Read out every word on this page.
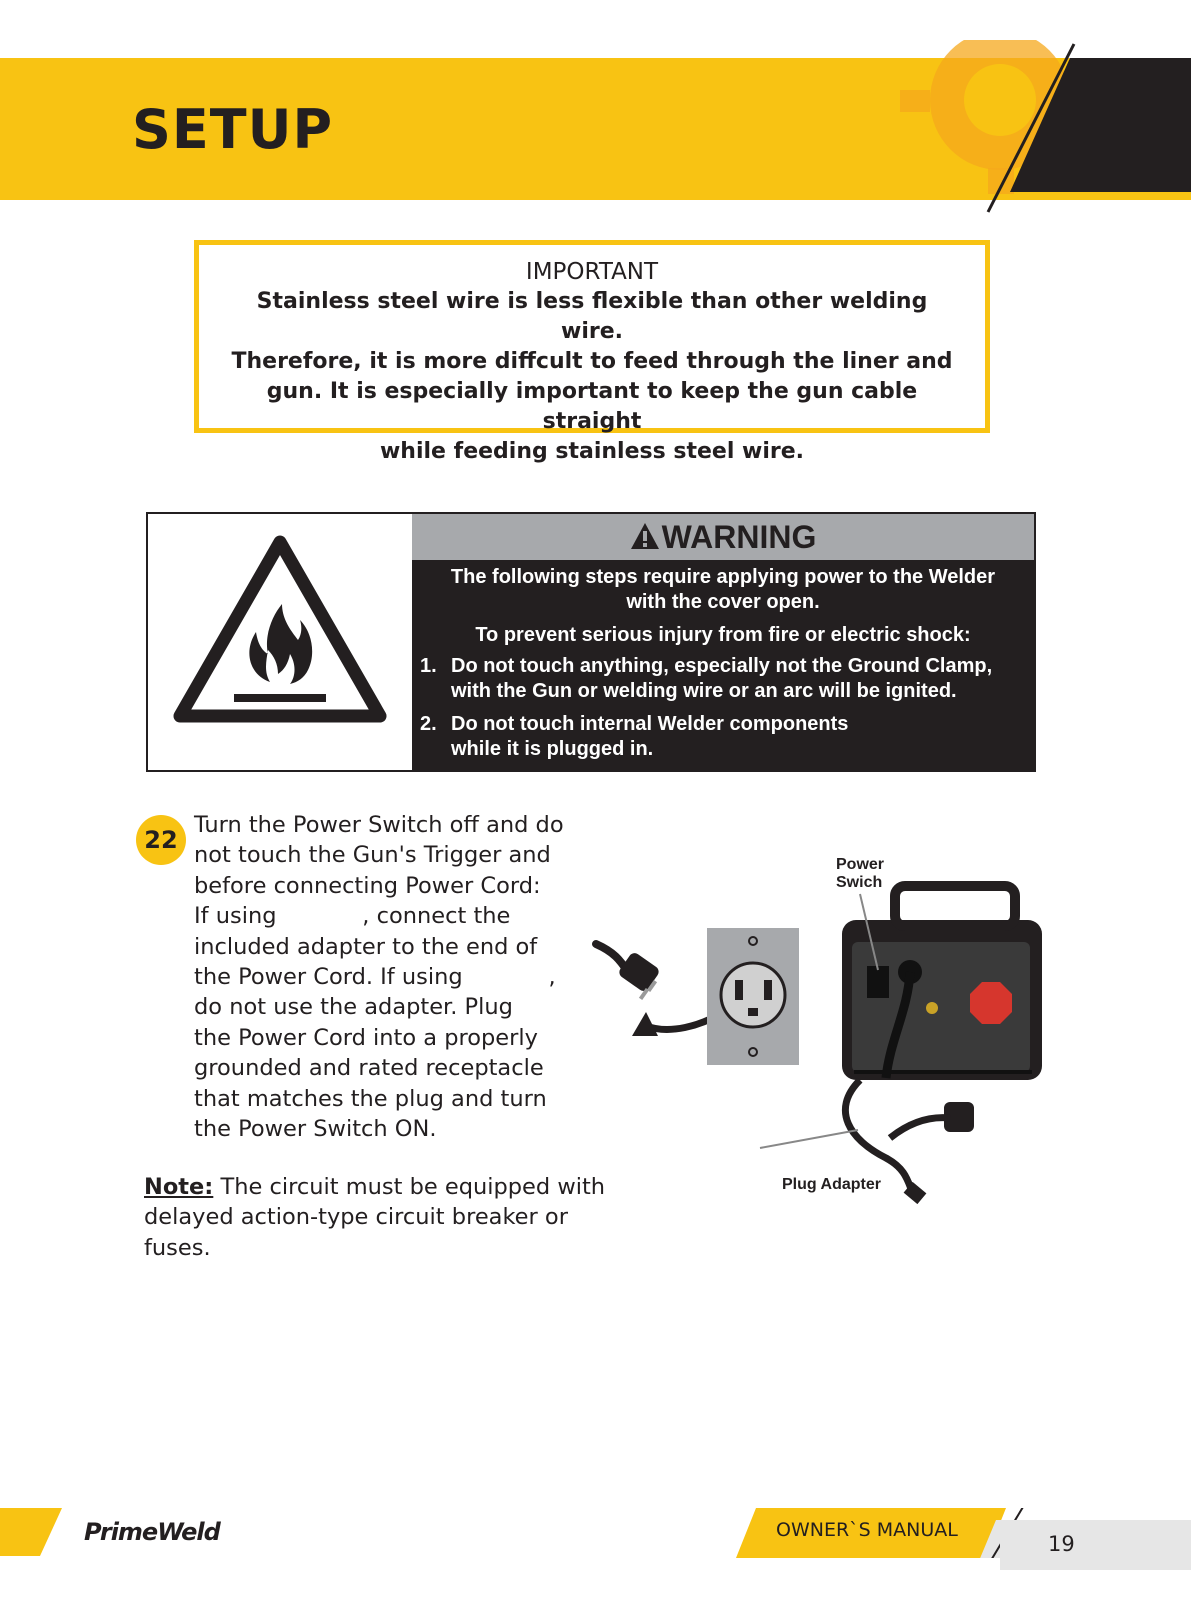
SETUP
IMPORTANT
Stainless steel wire is less flexible than other welding wire.
Therefore, it is more diffcult to feed through the liner and
gun. It is especially important to keep the gun cable straight
while feeding stainless steel wire.
WARNING
The following steps require applying power to the Welder
with the cover open.
To prevent serious injury from fire or electric shock:
1. Do not touch anything, especially not the Ground Clamp,
with the Gun or welding wire or an arc will be ignited.
2. Do not touch internal Welder components
while it is plugged in.
22
Turn the Power Switch off and do
not touch the Gun's Trigger and
before connecting Power Cord:
If using            , connect the
included adapter to the end of
the Power Cord. If using            ,
do not use the adapter. Plug
the Power Cord into a properly
grounded and rated receptacle
that matches the plug and turn
the Power Switch ON.
Note: The circuit must be equipped with delayed action-type circuit breaker or fuses.
Power
Swich
Plug Adapter
PrimeWeld	OWNER`S MANUAL
19
